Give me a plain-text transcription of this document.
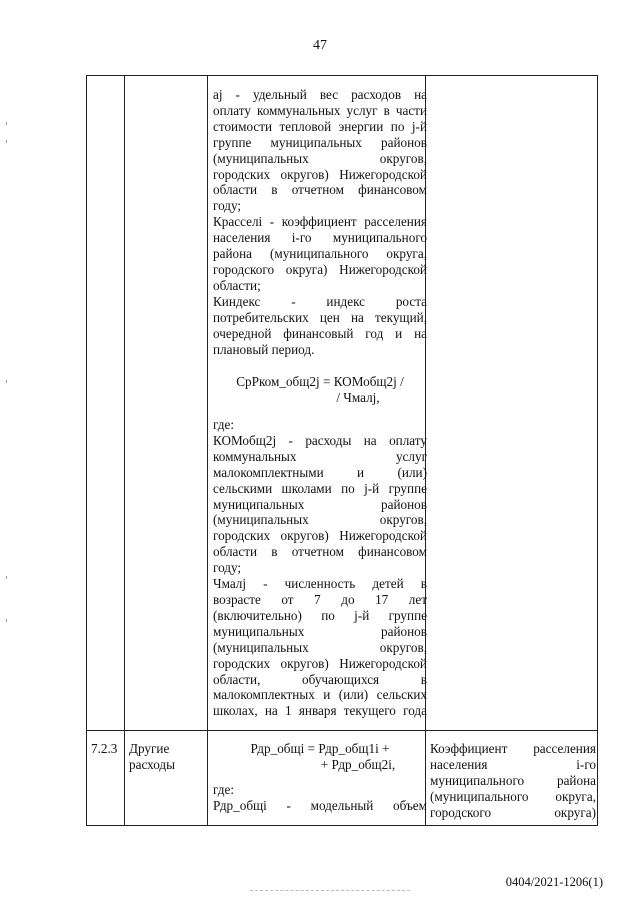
47
aj - удельный вес расходов на
оплату коммунальных услуг в части
стоимости тепловой энергии по j-й
группе муниципальных районов
(муниципальных округов,
городских округов) Нижегородской
области в отчетном финансовом
году;
Красселi - коэффициент расселения
населения i-го муниципального
района (муниципального округа,
городского округа) Нижегородской
области;
Киндекс - индекс роста
потребительских цен на текущий,
очередной финансовый год и на
плановый период.
СрРком_общ2j = КОМобщ2j /
/ Чмалj,
где:
КОМобщ2j - расходы на оплату
коммунальных услуг
малокомплектными и (или)
сельскими школами по j-й группе
муниципальных районов
(муниципальных округов,
городских округов) Нижегородской
области в отчетном финансовом
году;
Чмалj - численность детей в
возрасте от 7 до 17 лет
(включительно) по j-й группе
муниципальных районов
(муниципальных округов,
городских округов) Нижегородской
области, обучающихся в
малокомплектных и (или) сельских
школах, на 1 января текущего года
7.2.3 Другие
расходы
Рдр_общi = Рдр_общ1i +
+ Рдр_общ2i,
где:
Рдр_общi - модельный объем
Коэффициент расселения
населения i-го
муниципального района
(муниципального округа,
городского округа)
0404/2021-1206(1)
